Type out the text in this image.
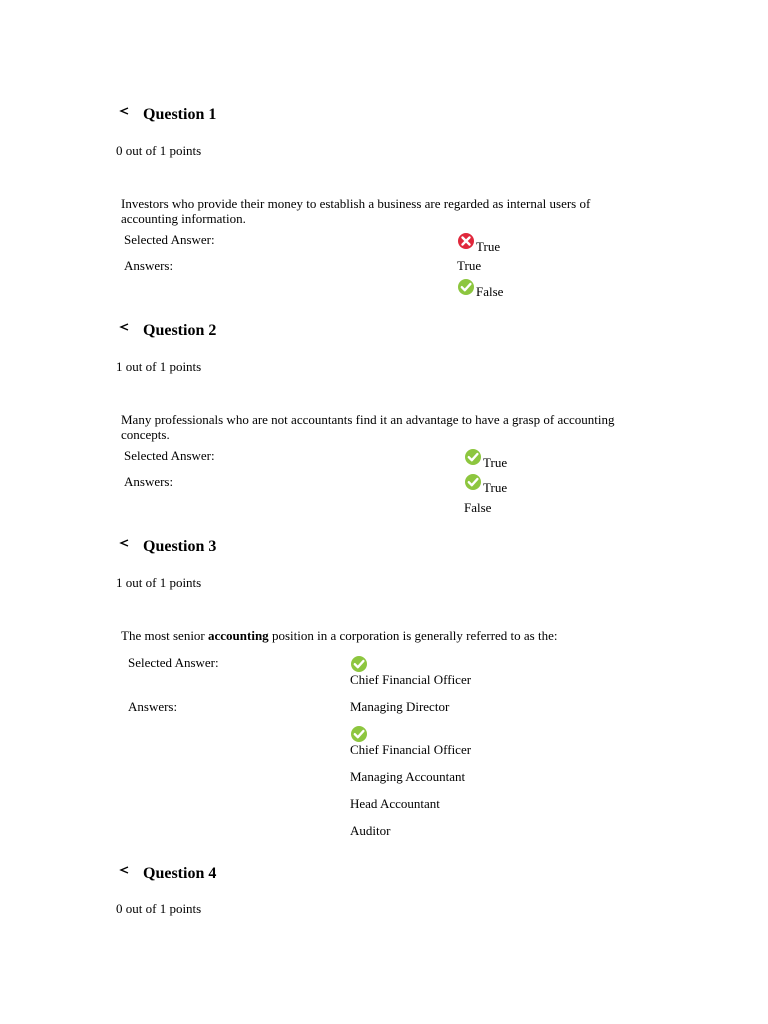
Question 1
0 out of 1 points
Investors who provide their money to establish a business are regarded as internal users of accounting information.
Selected Answer:	True
Answers:	True
False
Question 2
1 out of 1 points
Many professionals who are not accountants find it an advantage to have a grasp of accounting concepts.
Selected Answer:	True
Answers:	True
False
Question 3
1 out of 1 points
The most senior accounting position in a corporation is generally referred to as the:
Selected Answer:
Chief Financial Officer
Answers:	Managing Director
Chief Financial Officer
Managing Accountant
Head Accountant
Auditor
Question 4
0 out of 1 points
